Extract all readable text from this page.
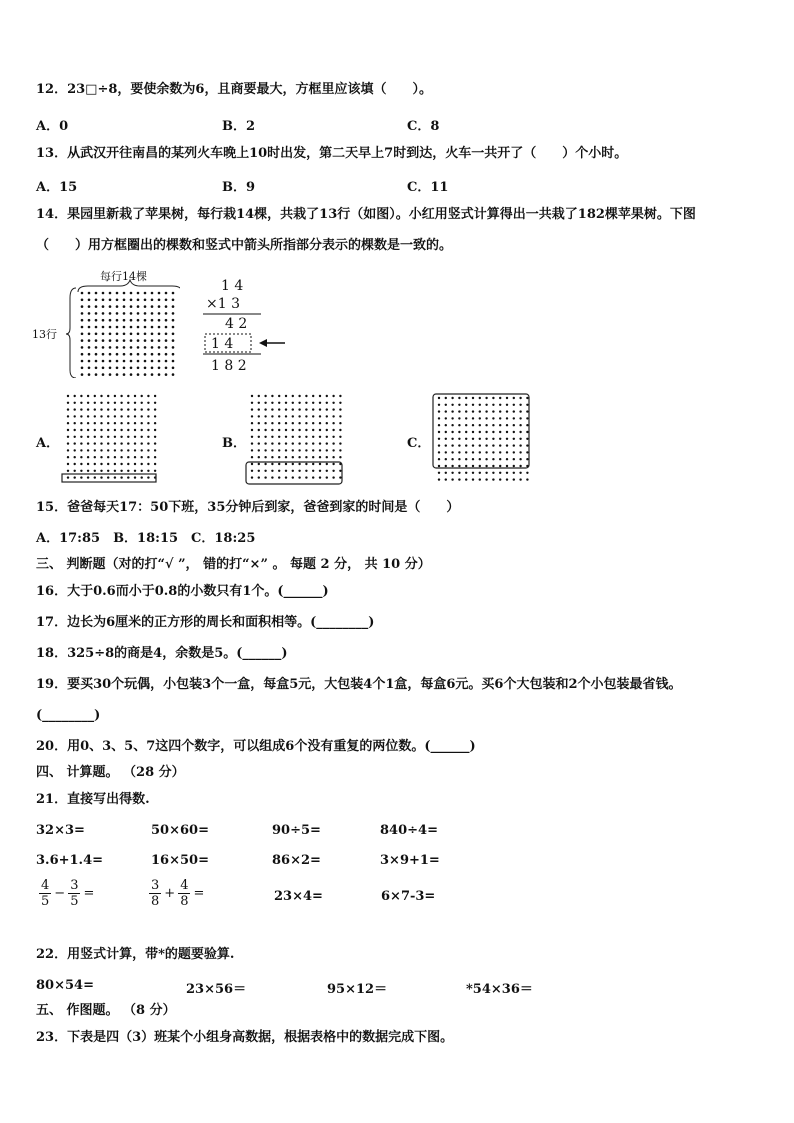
12．23□÷8，要使余数为6，且商要最大，方框里应该填（　　）。
A．0	B．2	C．8
13．从武汉开往南昌的某列火车晚上10时出发，第二天早上7时到达，火车一共开了（　　）个小时。
A．15	B．9	C．11
14．果园里新栽了苹果树，每行栽14棵，共栽了13行（如图）。小红用竖式计算得出一共栽了182棵苹果树。下图
（　　）用方框圈出的棵数和竖式中箭头所指部分表示的棵数是一致的。
每行14棵
13行
1 4
×1 3
4 2
1 4
1 8 2
A．	B．	C．
15．爸爸每天17：50下班，35分钟后到家，爸爸到家的时间是（　　）
A．17:85　B．18:15　C．18:25
三、 判断题（对的打“√ ”， 错的打“×” 。 每题 2 分， 共 10 分）
16．大于0.6而小于0.8的小数只有1个。(______)
17．边长为6厘米的正方形的周长和面积相等。(________)
18．325÷8的商是4，余数是5。(______)
19．要买30个玩偶，小包装3个一盒，每盒5元，大包装4个1盒，每盒6元。买6个大包装和2个小包装最省钱。
(________)
20．用0、3、5、7这四个数字，可以组成6个没有重复的两位数。(______)
四、 计算题。 （28 分）
21．直接写出得数.
32×3=	50×60=	90÷5=	840÷4=
3.6+1.4=	16×50=	86×2=	3×9+1=
$\frac{4}{5} - \frac{3}{5}$ =	$\frac{3}{8} + \frac{4}{8}$ =	23×4=	6×7-3=
22．用竖式计算，带*的题要验算.
80×54=	23×56＝	95×12＝	*54×36＝
五、 作图题。 （8 分）
23．下表是四（3）班某个小组身高数据，根据表格中的数据完成下图。
